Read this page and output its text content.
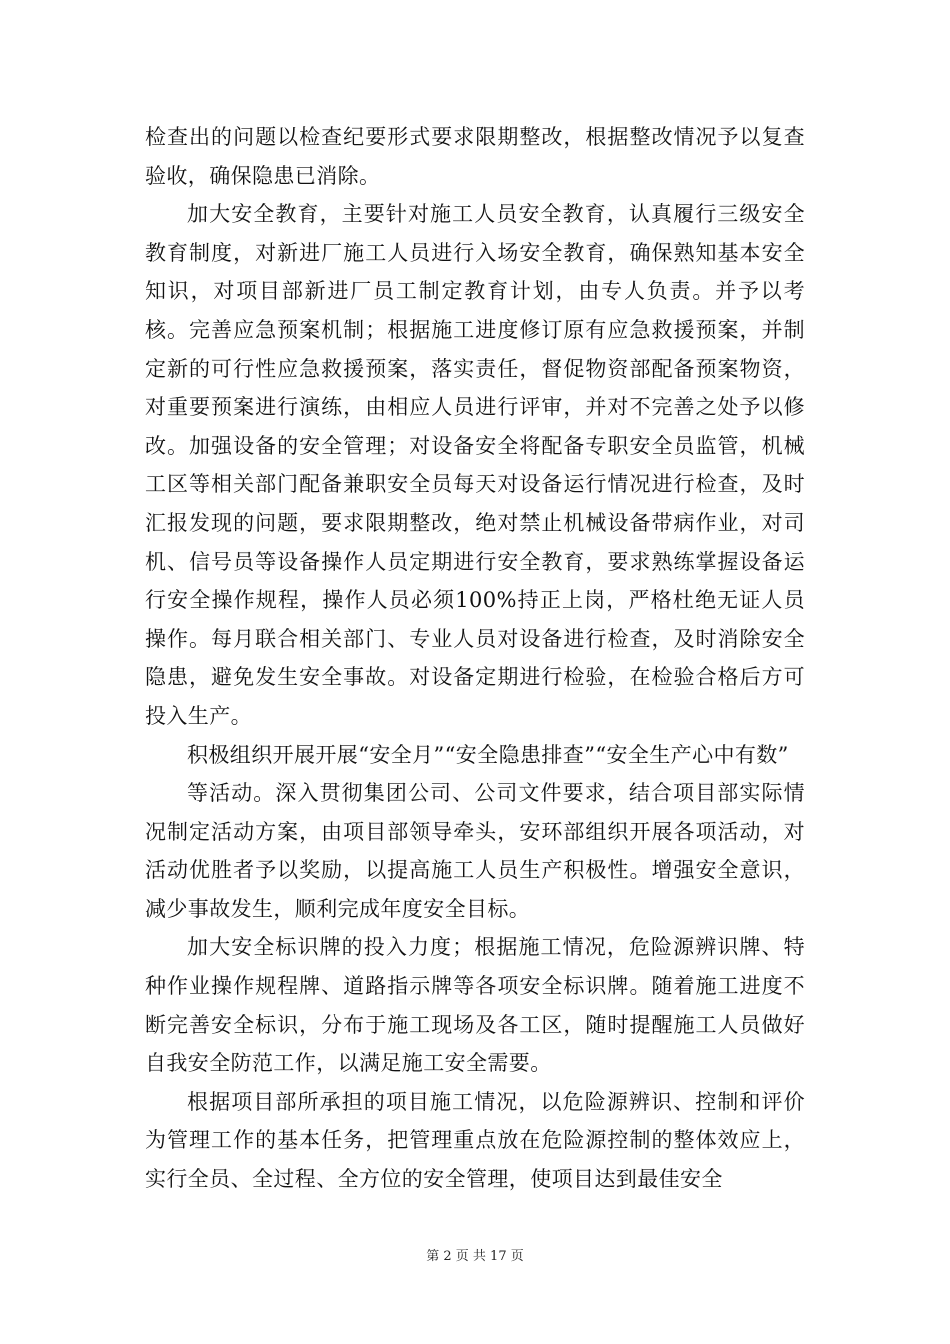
检查出的问题以检查纪要形式要求限期整改，根据整改情况予以复查验收，确保隐患已消除。

加大安全教育，主要针对施工人员安全教育，认真履行三级安全教育制度，对新进厂施工人员进行入场安全教育，确保熟知基本安全知识，对项目部新进厂员工制定教育计划，由专人负责。并予以考核。完善应急预案机制；根据施工进度修订原有应急救援预案，并制定新的可行性应急救援预案，落实责任，督促物资部配备预案物资，对重要预案进行演练，由相应人员进行评审，并对不完善之处予以修改。加强设备的安全管理；对设备安全将配备专职安全员监管，机械工区等相关部门配备兼职安全员每天对设备运行情况进行检查，及时汇报发现的问题，要求限期整改，绝对禁止机械设备带病作业，对司机、信号员等设备操作人员定期进行安全教育，要求熟练掌握设备运行安全操作规程，操作人员必须100%持正上岗，严格杜绝无证人员操作。每月联合相关部门、专业人员对设备进行检查，及时消除安全隐患，避免发生安全事故。对设备定期进行检验，在检验合格后方可投入生产。

积极组织开展开展“安全月”“安全隐患排查”“安全生产心中有数”

等活动。深入贯彻集团公司、公司文件要求，结合项目部实际情况制定活动方案，由项目部领导牵头，安环部组织开展各项活动，对活动优胜者予以奖励，以提高施工人员生产积极性。增强安全意识，减少事故发生，顺利完成年度安全目标。

加大安全标识牌的投入力度；根据施工情况，危险源辨识牌、特种作业操作规程牌、道路指示牌等各项安全标识牌。随着施工进度不断完善安全标识，分布于施工现场及各工区，随时提醒施工人员做好自我安全防范工作，以满足施工安全需要。

根据项目部所承担的项目施工情况，以危险源辨识、控制和评价为管理工作的基本任务，把管理重点放在危险源控制的整体效应上，实行全员、全过程、全方位的安全管理，使项目达到最佳安全

第 2 页 共 17 页
